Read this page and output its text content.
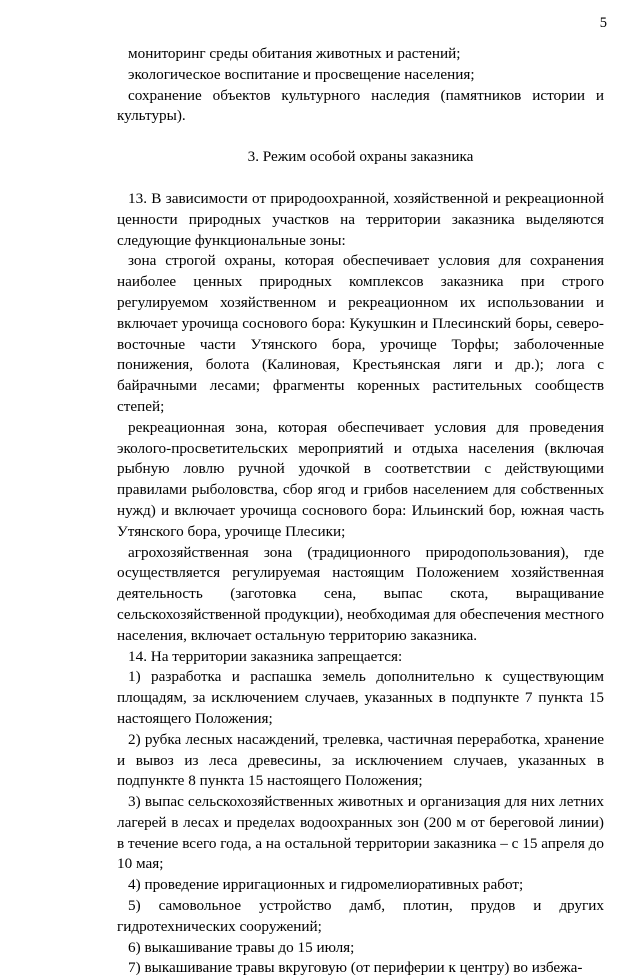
5

мониторинг среды обитания животных и растений;

экологическое воспитание и просвещение населения;

сохранение объектов культурного наследия (памятников истории и культуры).

3. Режим особой охраны заказника

13. В зависимости от природоохранной, хозяйственной и рекреационной ценности природных участков на территории заказника выделяются следующие функциональные зоны:

зона строгой охраны, которая обеспечивает условия для сохранения наиболее ценных природных комплексов заказника при строго регулируемом хозяйственном и рекреационном их использовании и включает урочища соснового бора: Кукушкин и Плесинский боры, северо-восточные части Утянского бора, урочище Торфы; заболоченные понижения, болота (Калиновая, Крестьянская ляги и др.); лога с байрачными лесами; фрагменты коренных растительных сообществ степей;

рекреационная зона, которая обеспечивает условия для проведения эколого-просветительских мероприятий и отдыха населения (включая рыбную ловлю ручной удочкой в соответствии с действующими правилами рыболовства, сбор ягод и грибов населением для собственных нужд) и включает урочища соснового бора: Ильинский бор, южная часть Утянского бора, урочище Плесики;

агрохозяйственная зона (традиционного природопользования), где осуществляется регулируемая настоящим Положением хозяйственная деятельность (заготовка сена, выпас скота, выращивание сельскохозяйственной продукции), необходимая для обеспечения местного населения, включает остальную территорию заказника.

14. На территории заказника запрещается:

1) разработка и распашка земель дополнительно к существующим площадям, за исключением случаев, указанных в подпункте 7 пункта 15 настоящего Положения;

2) рубка лесных насаждений, трелевка, частичная переработка, хранение и вывоз из леса древесины, за исключением случаев, указанных в подпункте 8 пункта 15 настоящего Положения;

3) выпас сельскохозяйственных животных и организация для них летних лагерей в лесах и пределах водоохранных зон (200 м от береговой линии) в течение всего года, а на остальной территории заказника – с 15 апреля до 10 мая;

4) проведение ирригационных и гидромелиоративных работ;

5) самовольное устройство дамб, плотин, прудов и других гидротехнических сооружений;

6) выкашивание травы до 15 июля;

7) выкашивание травы вкруговую (от периферии к центру) во избежа-
